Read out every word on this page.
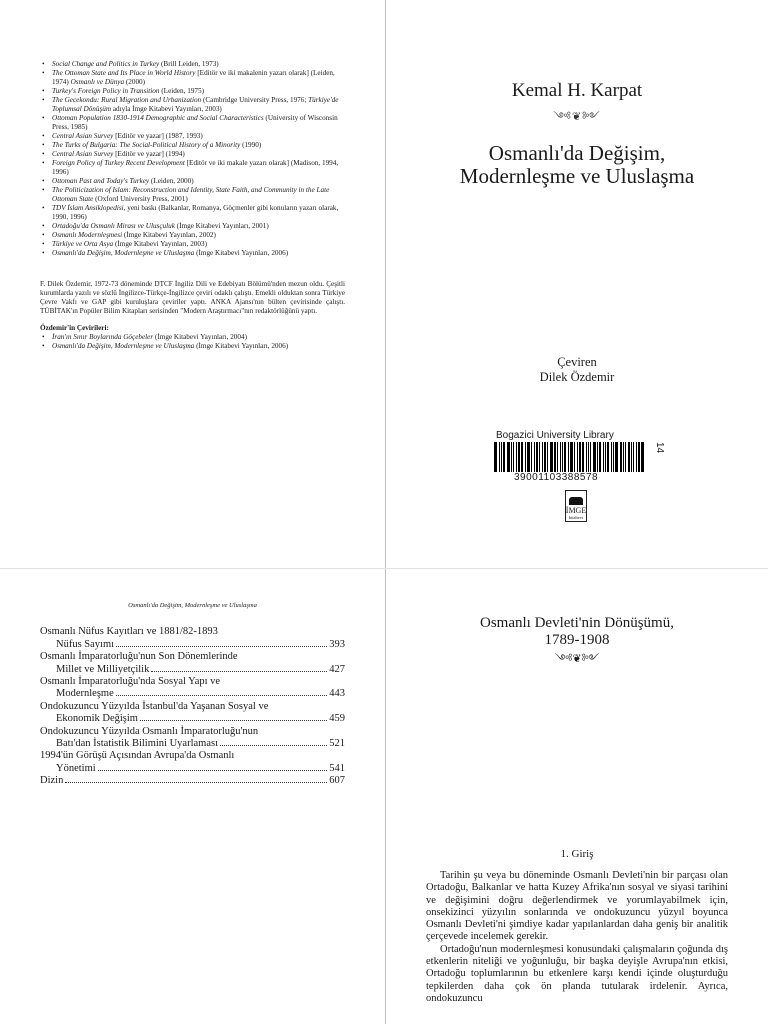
• Social Change and Politics in Turkey (Brill Leiden, 1973)
• The Ottoman State and Its Place in World History [Editör ve iki makalenin yazarı olarak] (Leiden, 1974) Osmanlı ve Dünya (2000)
• Turkey's Foreign Policy in Transition (Leiden, 1975)
• The Gecekondu: Rural Migration and Urbanization (Cambridge University Press, 1976; Türkiye'de Toplumsal Dönüşüm adıyla İmge Kitabevi Yayınları, 2003)
• Ottoman Population 1830-1914 Demographic and Social Characteristics (University of Wisconsin Press, 1985)
• Central Asian Survey [Editör ve yazar] (1987, 1993)
• The Turks of Bulgaria: The Social-Political History of a Minority (1990)
• Central Asian Survey [Editör ve yazar] (1994)
• Foreign Policy of Turkey Recent Development [Editör ve iki makale yazarı olarak] (Madison, 1994, 1996)
• Ottoman Past and Today's Turkey (Leiden, 2000)
• The Politicization of Islam: Reconstruction and Identity, State Faith, and Community in the Late Ottoman State (Oxford University Press, 2001)
• TDV İslam Ansiklopedisi, yeni baskı (Balkanlar, Romanya, Göçmenler gibi konuların yazarı olarak, 1990, 1996)
• Ortadoğu'da Osmanlı Mirası ve Ulusçuluk (İmge Kitabevi Yayınları, 2001)
• Osmanlı Modernleşmesi (İmge Kitabevi Yayınları, 2002)
• Türkiye ve Orta Asya (İmge Kitabevi Yayınları, 2003)
• Osmanlı'da Değişim, Modernleşme ve Uluslaşma (İmge Kitabevi Yayınları, 2006)
F. Dilek Özdemir, 1972-73 döneminde DTCF İngiliz Dili ve Edebiyatı Bölümü'nden mezun oldu. Çeşitli kurumlarda yazılı ve sözlü İngilizce-Türkçe-İngilizce çeviri odaklı çalıştı. Emekli olduktan sonra Türkiye Çevre Vakfı ve GAP gibi kuruluşlara çeviriler yaptı. ANKA Ajansı'nın bülten çevirisinde çalıştı. TÜBİTAK'ın Popüler Bilim Kitapları serisinden "Modern Araştırmacı"nın redaktörlüğünü yaptı.
Özdemir'in Çevirileri:
• İran'ın Sınır Boylarında Göçebeler (İmge Kitabevi Yayınları, 2004)
• Osmanlı'da Değişim, Modernleşme ve Uluslaşma (İmge Kitabevi Yayınları, 2006)
Kemal H. Karpat
༺❦༻
Osmanlı'da Değişim,
Modernleşme ve Uluslaşma
Çeviren
Dilek Özdemir
Bogazici University Library
39001103388578
14
İMGE
kitabevi
Osmanlı'da Değişim, Modernleşme ve Uluslaşma
Osmanlı Nüfus Kayıtları ve 1881/82-1893
Nüfus Sayımı	393
Osmanlı İmparatorluğu'nun Son Dönemlerinde
Millet ve Milliyetçilik	427
Osmanlı İmparatorluğu'nda Sosyal Yapı ve
Modernleşme	443
Ondokuzuncu Yüzyılda İstanbul'da Yaşanan Sosyal ve
Ekonomik Değişim	459
Ondokuzuncu Yüzyılda Osmanlı İmparatorluğu'nun
Batı'dan İstatistik Bilimini Uyarlaması	521
1994'ün Görüşü Açısından Avrupa'da Osmanlı
Yönetimi	541
Dizin	607
Osmanlı Devleti'nin Dönüşümü,
1789-1908
༺❦༻
1. Giriş

Tarihin şu veya bu döneminde Osmanlı Devleti'nin bir parçası olan Ortadoğu, Balkanlar ve hatta Kuzey Afrika'nın sosyal ve siyasi tarihini ve değişimini doğru değerlendirmek ve yorumlayabilmek için, onsekizinci yüzyılın sonlarında ve ondokuzuncu yüzyıl boyunca Osmanlı Devleti'ni şimdiye kadar yapılanlardan daha geniş bir analitik çerçevede incelemek gerekir.

Ortadoğu'nun modernleşmesi konusundaki çalışmaların çoğunda dış etkenlerin niteliği ve yoğunluğu, bir başka deyişle Avrupa'nın etkisi, Ortadoğu toplumlarının bu etkenlere karşı kendi içinde oluşturduğu tepkilerden daha çok ön planda tutularak irdelenir. Ayrıca, ondokuzuncu
